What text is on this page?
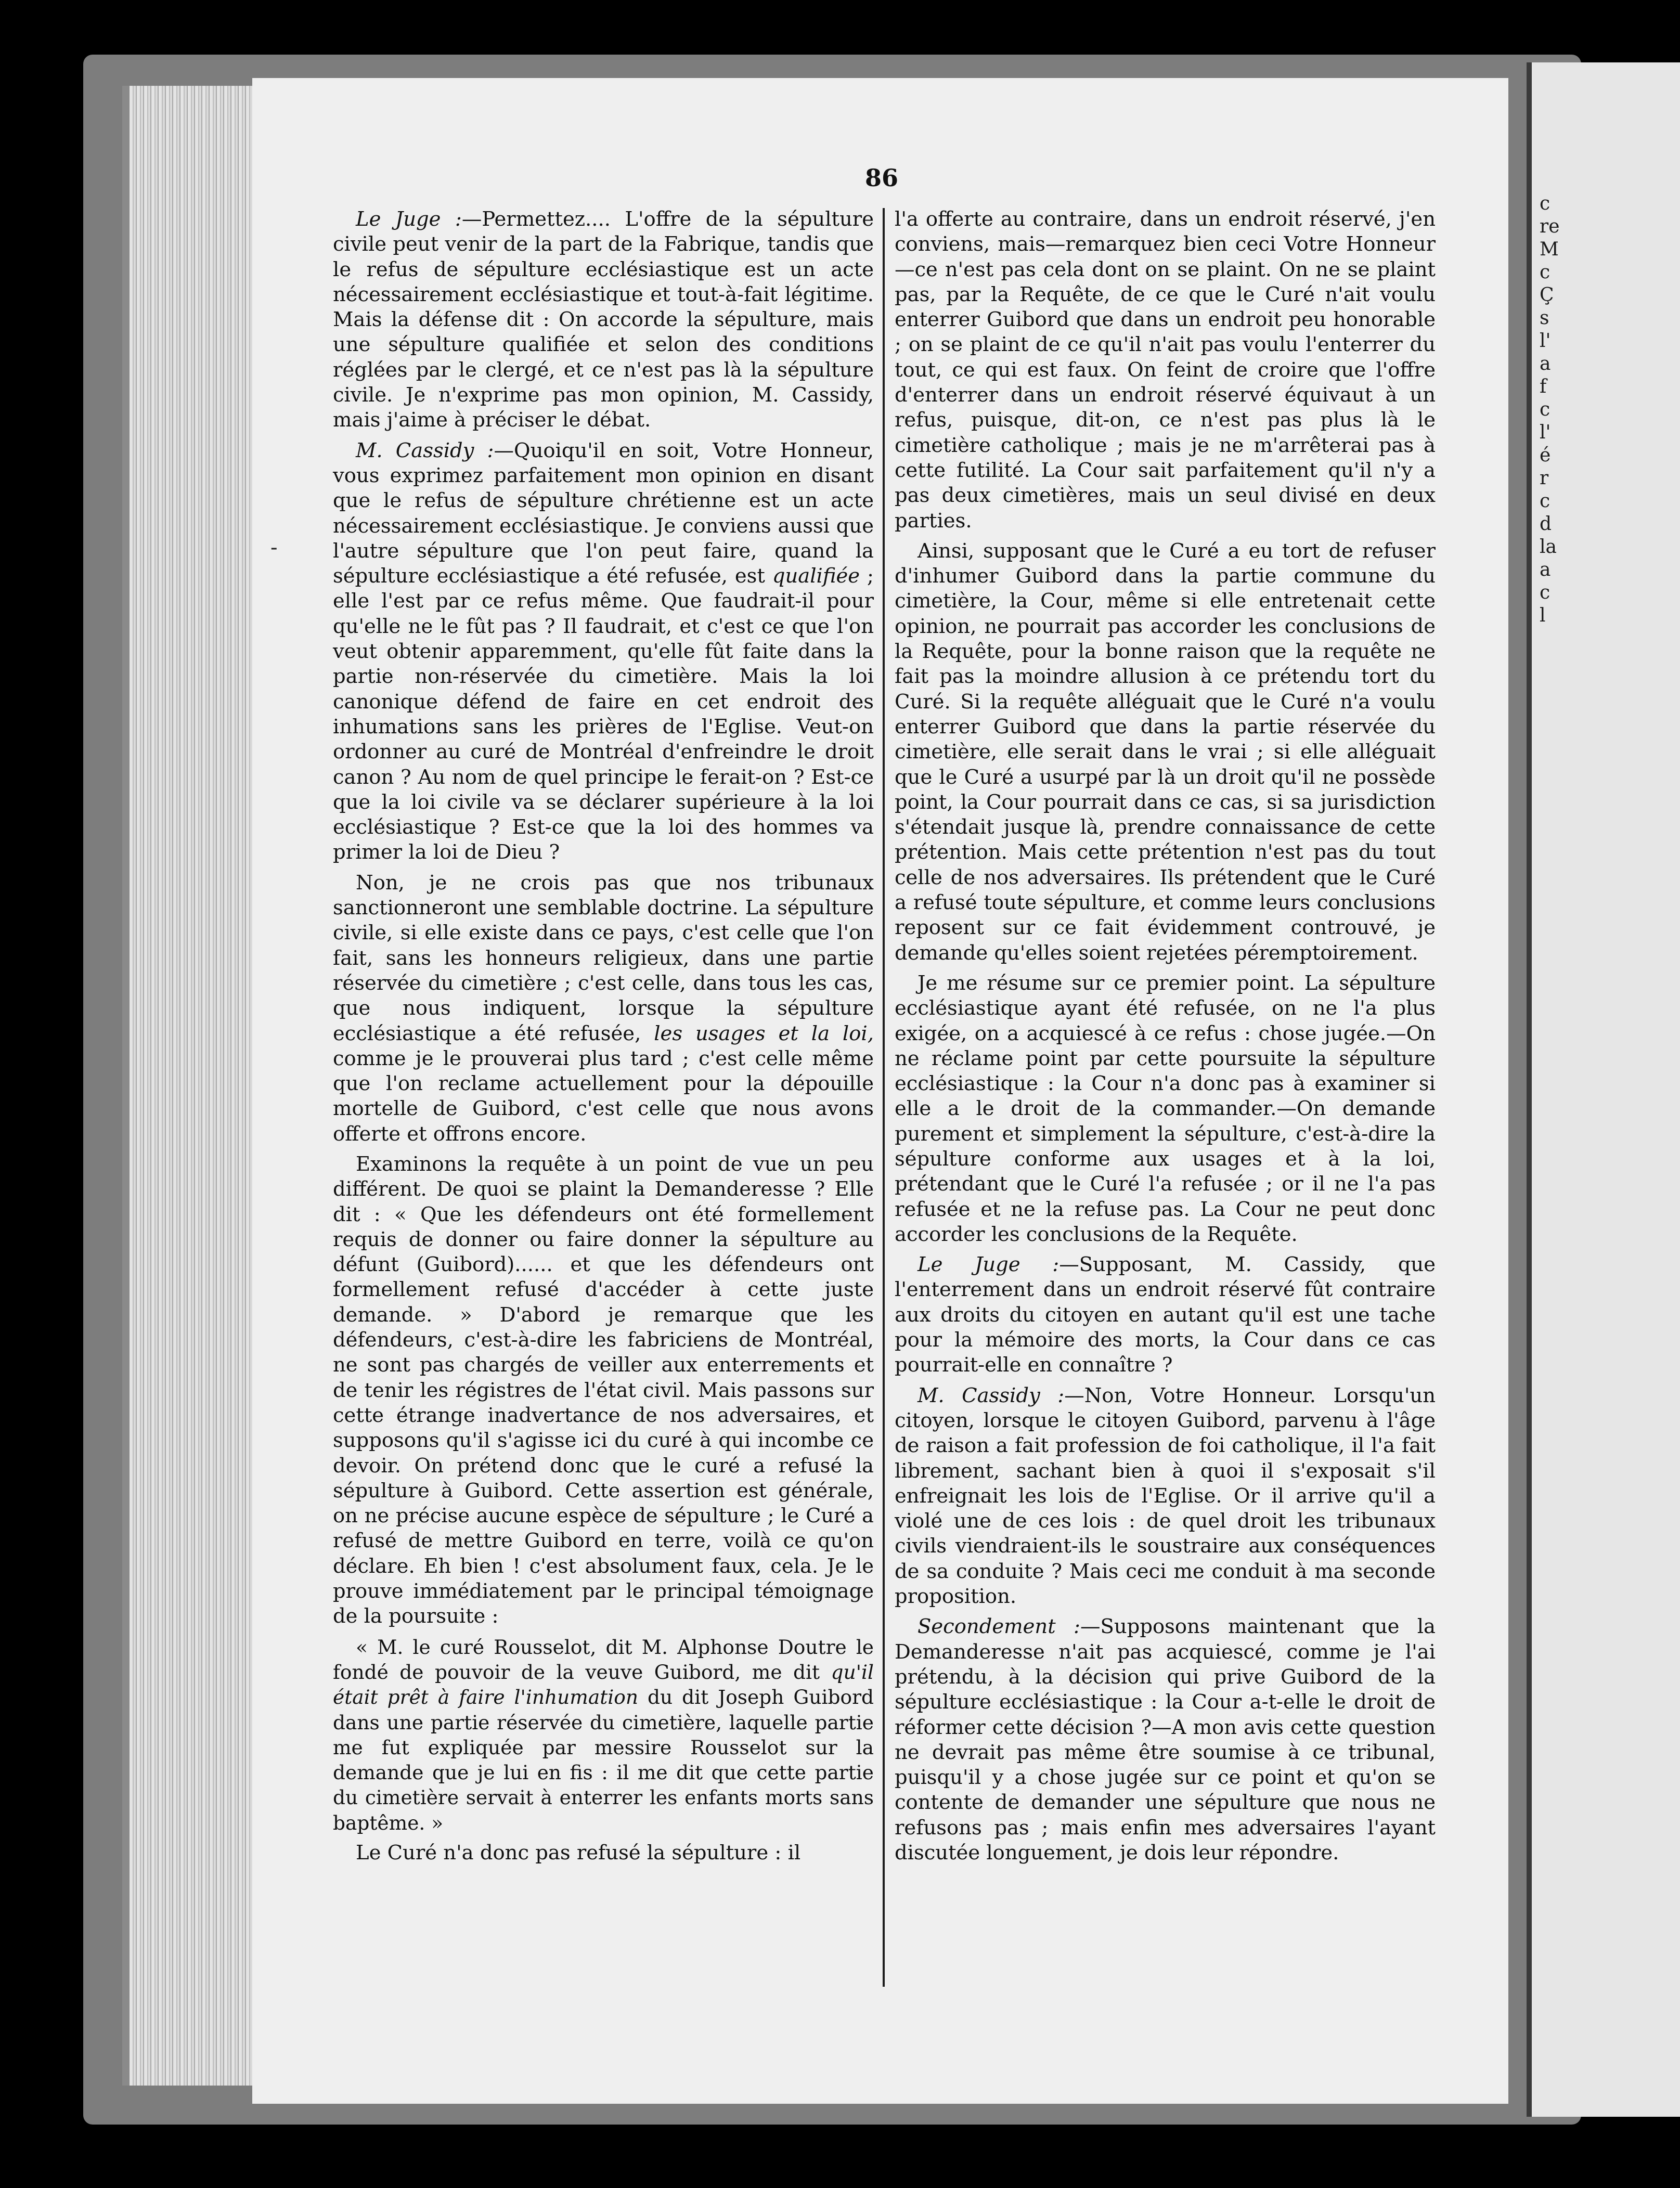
c
re
M
c
Ç
s
l'
a
f
c
l'
é
r
c
d
la
a
c
l
86
-

Le Juge :—Permettez.... L'offre de la sépulture civile peut venir de la part de la Fabrique, tandis que le refus de sépulture ecclésiastique est un acte nécessairement ecclésiastique et tout-à-fait légitime. Mais la défense dit : On accorde la sépulture, mais une sépulture qualifiée et selon des conditions réglées par le clergé, et ce n'est pas là la sépulture civile. Je n'exprime pas mon opinion, M. Cassidy, mais j'aime à préciser le débat.

M. Cassidy :—Quoiqu'il en soit, Votre Honneur, vous exprimez parfaitement mon opinion en disant que le refus de sépulture chrétienne est un acte nécessairement ecclésiastique. Je conviens aussi que l'autre sépulture que l'on peut faire, quand la sépulture ecclésiastique a été refusée, est qualifiée ; elle l'est par ce refus même. Que faudrait-il pour qu'elle ne le fût pas ? Il faudrait, et c'est ce que l'on veut obtenir apparemment, qu'elle fût faite dans la partie non-réservée du cimetière. Mais la loi canonique défend de faire en cet endroit des inhumations sans les prières de l'Eglise. Veut-on ordonner au curé de Montréal d'enfreindre le droit canon ? Au nom de quel principe le ferait-on ? Est-ce que la loi civile va se déclarer supérieure à la loi ecclésiastique ? Est-ce que la loi des hommes va primer la loi de Dieu ?

Non, je ne crois pas que nos tribunaux sanctionneront une semblable doctrine. La sépulture civile, si elle existe dans ce pays, c'est celle que l'on fait, sans les honneurs religieux, dans une partie réservée du cimetière ; c'est celle, dans tous les cas, que nous indiquent, lorsque la sépulture ecclésiastique a été refusée, les usages et la loi, comme je le prouverai plus tard ; c'est celle même que l'on reclame actuellement pour la dépouille mortelle de Guibord, c'est celle que nous avons offerte et offrons encore.

Examinons la requête à un point de vue un peu différent. De quoi se plaint la Demanderesse ? Elle dit : « Que les défendeurs ont été formellement requis de donner ou faire donner la sépulture au défunt (Guibord)...... et que les défendeurs ont formellement refusé d'accéder à cette juste demande. » D'abord je remarque que les défendeurs, c'est-à-dire les fabriciens de Montréal, ne sont pas chargés de veiller aux enterrements et de tenir les régistres de l'état civil. Mais passons sur cette étrange inadvertance de nos adversaires, et supposons qu'il s'agisse ici du curé à qui incombe ce devoir. On prétend donc que le curé a refusé la sépulture à Guibord. Cette assertion est générale, on ne précise aucune espèce de sépulture ; le Curé a refusé de mettre Guibord en terre, voilà ce qu'on déclare. Eh bien ! c'est absolument faux, cela. Je le prouve immédiatement par le principal témoignage de la poursuite :

« M. le curé Rousselot, dit M. Alphonse Doutre le fondé de pouvoir de la veuve Guibord, me dit qu'il était prêt à faire l'inhumation du dit Joseph Guibord dans une partie réservée du cimetière, laquelle partie me fut expliquée par messire Rousselot sur la demande que je lui en fis : il me dit que cette partie du cimetière servait à enterrer les enfants morts sans baptême. »

Le Curé n'a donc pas refusé la sépulture : il

l'a offerte au contraire, dans un endroit réservé, j'en conviens, mais—remarquez bien ceci Votre Honneur—ce n'est pas cela dont on se plaint. On ne se plaint pas, par la Requête, de ce que le Curé n'ait voulu enterrer Guibord que dans un endroit peu honorable ; on se plaint de ce qu'il n'ait pas voulu l'enterrer du tout, ce qui est faux. On feint de croire que l'offre d'enterrer dans un endroit réservé équivaut à un refus, puisque, dit-on, ce n'est pas plus là le cimetière catholique ; mais je ne m'arrêterai pas à cette futilité. La Cour sait parfaitement qu'il n'y a pas deux cimetières, mais un seul divisé en deux parties.

Ainsi, supposant que le Curé a eu tort de refuser d'inhumer Guibord dans la partie commune du cimetière, la Cour, même si elle entretenait cette opinion, ne pourrait pas accorder les conclusions de la Requête, pour la bonne raison que la requête ne fait pas la moindre allusion à ce prétendu tort du Curé. Si la requête alléguait que le Curé n'a voulu enterrer Guibord que dans la partie réservée du cimetière, elle serait dans le vrai ; si elle alléguait que le Curé a usurpé par là un droit qu'il ne possède point, la Cour pourrait dans ce cas, si sa jurisdiction s'étendait jusque là, prendre connaissance de cette prétention. Mais cette prétention n'est pas du tout celle de nos adversaires. Ils prétendent que le Curé a refusé toute sépulture, et comme leurs conclusions reposent sur ce fait évidemment controuvé, je demande qu'elles soient rejetées péremptoirement.

Je me résume sur ce premier point. La sépulture ecclésiastique ayant été refusée, on ne l'a plus exigée, on a acquiescé à ce refus : chose jugée.—On ne réclame point par cette poursuite la sépulture ecclésiastique : la Cour n'a donc pas à examiner si elle a le droit de la commander.—On demande purement et simplement la sépulture, c'est-à-dire la sépulture conforme aux usages et à la loi, prétendant que le Curé l'a refusée ; or il ne l'a pas refusée et ne la refuse pas. La Cour ne peut donc accorder les conclusions de la Requête.

Le Juge :—Supposant, M. Cassidy, que l'enterrement dans un endroit réservé fût contraire aux droits du citoyen en autant qu'il est une tache pour la mémoire des morts, la Cour dans ce cas pourrait-elle en connaître ?

M. Cassidy :—Non, Votre Honneur. Lorsqu'un citoyen, lorsque le citoyen Guibord, parvenu à l'âge de raison a fait profession de foi catholique, il l'a fait librement, sachant bien à quoi il s'exposait s'il enfreignait les lois de l'Eglise. Or il arrive qu'il a violé une de ces lois : de quel droit les tribunaux civils viendraient-ils le soustraire aux conséquences de sa conduite ? Mais ceci me conduit à ma seconde proposition.

Secondement :—Supposons maintenant que la Demanderesse n'ait pas acquiescé, comme je l'ai prétendu, à la décision qui prive Guibord de la sépulture ecclésiastique : la Cour a-t-elle le droit de réformer cette décision ?—A mon avis cette question ne devrait pas même être soumise à ce tribunal, puisqu'il y a chose jugée sur ce point et qu'on se contente de demander une sépulture que nous ne refusons pas ; mais enfin mes adversaires l'ayant discutée longuement, je dois leur répondre.
